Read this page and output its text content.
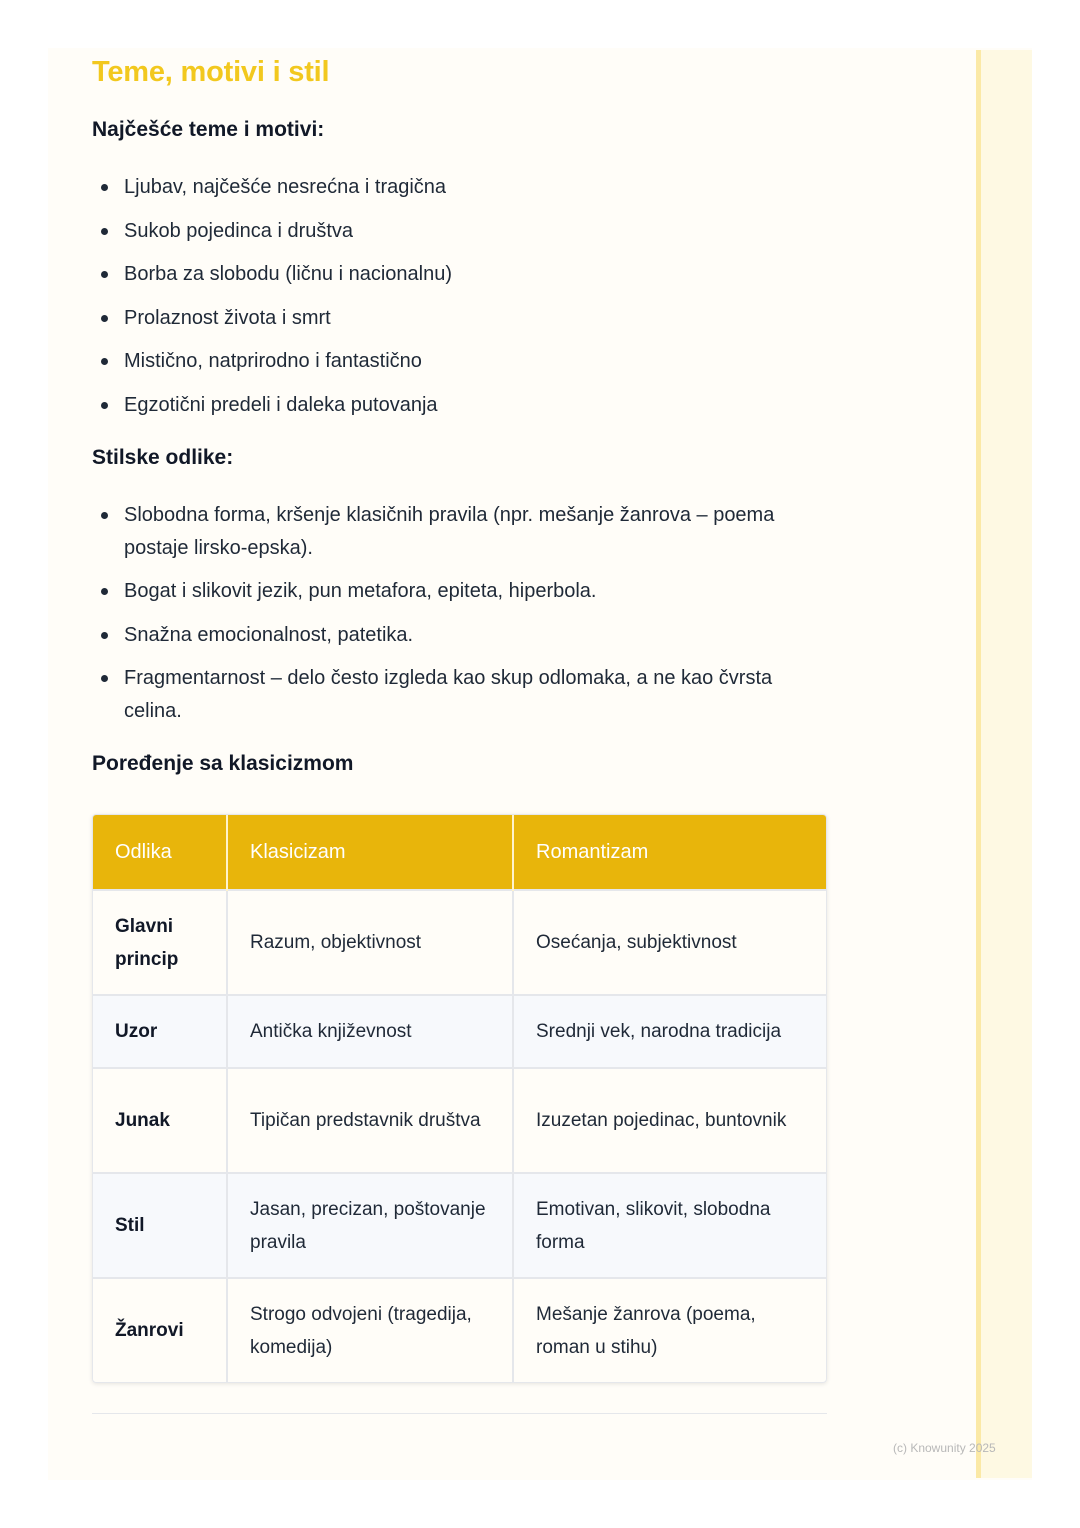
Teme, motivi i stil
Najčešće teme i motivi:
Ljubav, najčešće nesrećna i tragična
Sukob pojedinca i društva
Borba za slobodu (ličnu i nacionalnu)
Prolaznost života i smrt
Mistično, natprirodno i fantastično
Egzotični predeli i daleka putovanja
Stilske odlike:
Slobodna forma, kršenje klasičnih pravila (npr. mešanje žanrova – poema postaje lirsko-epska).
Bogat i slikovit jezik, pun metafora, epiteta, hiperbola.
Snažna emocionalnost, patetika.
Fragmentarnost – delo često izgleda kao skup odlomaka, a ne kao čvrsta celina.
Poređenje sa klasicizmom
Odlika	Klasicizam	Romantizam
Glavni princip	Razum, objektivnost	Osećanja, subjektivnost
Uzor	Antička književnost	Srednji vek, narodna tradicija
Junak	Tipičan predstavnik društva	Izuzetan pojedinac, buntovnik
Stil	Jasan, precizan, poštovanje pravila	Emotivan, slikovit, slobodna forma
Žanrovi	Strogo odvojeni (tragedija, komedija)	Mešanje žanrova (poema, roman u stihu)
(c) Knowunity 2025
